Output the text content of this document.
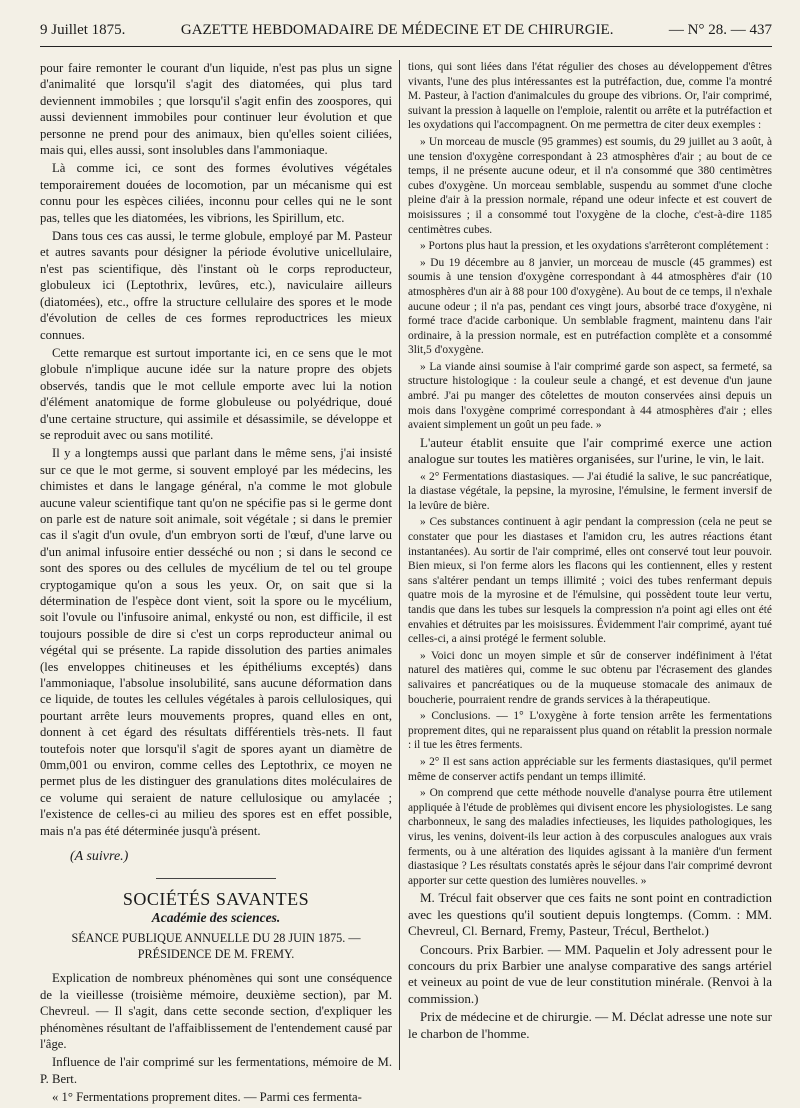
9 Juillet 1875.	GAZETTE HEBDOMADAIRE DE MÉDECINE ET DE CHIRURGIE.	— N° 28. — 437

pour faire remonter le courant d'un liquide, n'est pas plus un signe d'animalité que lorsqu'il s'agit des diatomées, qui plus tard deviennent immobiles ; que lorsqu'il s'agit enfin des zoospores, qui aussi deviennent immobiles pour continuer leur évolution et que personne ne prend pour des animaux, bien qu'elles soient ciliées, mais qui, elles aussi, sont insolubles dans l'ammoniaque.

Là comme ici, ce sont des formes évolutives végétales temporairement douées de locomotion, par un mécanisme qui est connu pour les espèces ciliées, inconnu pour celles qui ne le sont pas, telles que les diatomées, les vibrions, les Spirillum, etc.

Dans tous ces cas aussi, le terme globule, employé par M. Pasteur et autres savants pour désigner la période évolutive unicellulaire, n'est pas scientifique, dès l'instant où le corps reproducteur, globuleux ici (Leptothrix, levûres, etc.), naviculaire ailleurs (diatomées), etc., offre la structure cellulaire des spores et le mode d'évolution de celles de ces formes reproductrices les mieux connues.

Cette remarque est surtout importante ici, en ce sens que le mot globule n'implique aucune idée sur la nature propre des objets observés, tandis que le mot cellule emporte avec lui la notion d'élément anatomique de forme globuleuse ou polyédrique, doué d'une certaine structure, qui assimile et désassimile, se développe et se reproduit avec ou sans motilité.

Il y a longtemps aussi que parlant dans le même sens, j'ai insisté sur ce que le mot germe, si souvent employé par les médecins, les chimistes et dans le langage général, n'a comme le mot globule aucune valeur scientifique tant qu'on ne spécifie pas si le germe dont on parle est de nature soit animale, soit végétale ; si dans le premier cas il s'agit d'un ovule, d'un embryon sorti de l'œuf, d'une larve ou d'un animal infusoire entier desséché ou non ; si dans le second ce sont des spores ou des cellules de mycélium de tel ou tel groupe cryptogamique qu'on a sous les yeux. Or, on sait que si la détermination de l'espèce dont vient, soit la spore ou le mycélium, soit l'ovule ou l'infusoire animal, enkysté ou non, est difficile, il est toujours possible de dire si c'est un corps reproducteur animal ou végétal qui se présente. La rapide dissolution des parties animales (les enveloppes chitineuses et les épithéliums exceptés) dans l'ammoniaque, l'absolue insolubilité, sans aucune déformation dans ce liquide, de toutes les cellules végétales à parois cellulosiques, qui pourtant arrête leurs mouvements propres, quand elles en ont, donnent à cet égard des résultats différentiels très-nets. Il faut toutefois noter que lorsqu'il s'agit de spores ayant un diamètre de 0mm,001 ou environ, comme celles des Leptothrix, ce moyen ne permet plus de les distinguer des granulations dites moléculaires de ce volume qui seraient de nature cellulosique ou amylacée ; l'existence de celles-ci au milieu des spores est en effet possible, mais n'a pas été déterminée jusqu'à présent.

(A suivre.)
SOCIÉTÉS SAVANTES
Académie des sciences.
SÉANCE PUBLIQUE ANNUELLE DU 28 JUIN 1875. — PRÉSIDENCE DE M. FREMY.

Explication de nombreux phénomènes qui sont une conséquence de la vieillesse (troisième mémoire, deuxième section), par M. Chevreul. — Il s'agit, dans cette seconde section, d'expliquer les phénomènes résultant de l'affaiblissement de l'entendement causé par l'âge.

Influence de l'air comprimé sur les fermentations, mémoire de M. P. Bert.

« 1° Fermentations proprement dites. — Parmi ces fermenta-

tions, qui sont liées dans l'état régulier des choses au développement d'êtres vivants, l'une des plus intéressantes est la putréfaction, due, comme l'a montré M. Pasteur, à l'action d'animalcules du groupe des vibrions. Or, l'air comprimé, suivant la pression à laquelle on l'emploie, ralentit ou arrête et la putréfaction et les oxydations qui l'accompagnent. On me permettra de citer deux exemples :

» Un morceau de muscle (95 grammes) est soumis, du 29 juillet au 3 août, à une tension d'oxygène correspondant à 23 atmosphères d'air ; au bout de ce temps, il ne présente aucune odeur, et il n'a consommé que 380 centimètres cubes d'oxygène. Un morceau semblable, suspendu au sommet d'une cloche pleine d'air à la pression normale, répand une odeur infecte et est couvert de moisissures ; il a consommé tout l'oxygène de la cloche, c'est-à-dire 1185 centimètres cubes.

» Portons plus haut la pression, et les oxydations s'arrêteront complétement :

» Du 19 décembre au 8 janvier, un morceau de muscle (45 grammes) est soumis à une tension d'oxygène correspondant à 44 atmosphères d'air (10 atmosphères d'un air à 88 pour 100 d'oxygène). Au bout de ce temps, il n'exhale aucune odeur ; il n'a pas, pendant ces vingt jours, absorbé trace d'oxygène, ni formé trace d'acide carbonique. Un semblable fragment, maintenu dans l'air ordinaire, à la pression normale, est en putréfaction complète et a consommé 3lit,5 d'oxygène.

» La viande ainsi soumise à l'air comprimé garde son aspect, sa fermeté, sa structure histologique : la couleur seule a changé, et est devenue d'un jaune ambré. J'ai pu manger des côtelettes de mouton conservées ainsi depuis un mois dans l'oxygène comprimé correspondant à 44 atmosphères d'air ; elles avaient simplement un goût un peu fade. »

L'auteur établit ensuite que l'air comprimé exerce une action analogue sur toutes les matières organisées, sur l'urine, le vin, le lait.

« 2° Fermentations diastasiques. — J'ai étudié la salive, le suc pancréatique, la diastase végétale, la pepsine, la myrosine, l'émulsine, le ferment inversif de la levûre de bière.

» Ces substances continuent à agir pendant la compression (cela ne peut se constater que pour les diastases et l'amidon cru, les autres réactions étant instantanées). Au sortir de l'air comprimé, elles ont conservé tout leur pouvoir. Bien mieux, si l'on ferme alors les flacons qui les contiennent, elles y restent sans s'altérer pendant un temps illimité ; voici des tubes renfermant depuis quatre mois de la myrosine et de l'émulsine, qui possèdent toute leur vertu, tandis que dans les tubes sur lesquels la compression n'a point agi elles ont été envahies et détruites par les moisissures. Évidemment l'air comprimé, ayant tué celles-ci, a ainsi protégé le ferment soluble.

» Voici donc un moyen simple et sûr de conserver indéfiniment à l'état naturel des matières qui, comme le suc obtenu par l'écrasement des glandes salivaires et pancréatiques ou de la muqueuse stomacale des animaux de boucherie, pourraient rendre de grands services à la thérapeutique.

» Conclusions. — 1° L'oxygène à forte tension arrête les fermentations proprement dites, qui ne reparaissent plus quand on rétablit la pression normale : il tue les êtres ferments.

» 2° Il est sans action appréciable sur les ferments diastasiques, qu'il permet même de conserver actifs pendant un temps illimité.

» On comprend que cette méthode nouvelle d'analyse pourra être utilement appliquée à l'étude de problèmes qui divisent encore les physiologistes. Le sang charbonneux, le sang des maladies infectieuses, les liquides pathologiques, les virus, les venins, doivent-ils leur action à des corpuscules analogues aux vrais ferments, ou à une altération des liquides agissant à la manière d'un ferment diastasique ? Les résultats constatés après le séjour dans l'air comprimé devront apporter sur cette question des lumières nouvelles. »

M. Trécul fait observer que ces faits ne sont point en contradiction avec les questions qu'il soutient depuis longtemps. (Comm. : MM. Chevreul, Cl. Bernard, Fremy, Pasteur, Trécul, Berthelot.)

Concours. Prix Barbier. — MM. Paquelin et Joly adressent pour le concours du prix Barbier une analyse comparative des sangs artériel et veineux au point de vue de leur constitution minérale. (Renvoi à la commission.)

Prix de médecine et de chirurgie. — M. Déclat adresse une note sur le charbon de l'homme.
